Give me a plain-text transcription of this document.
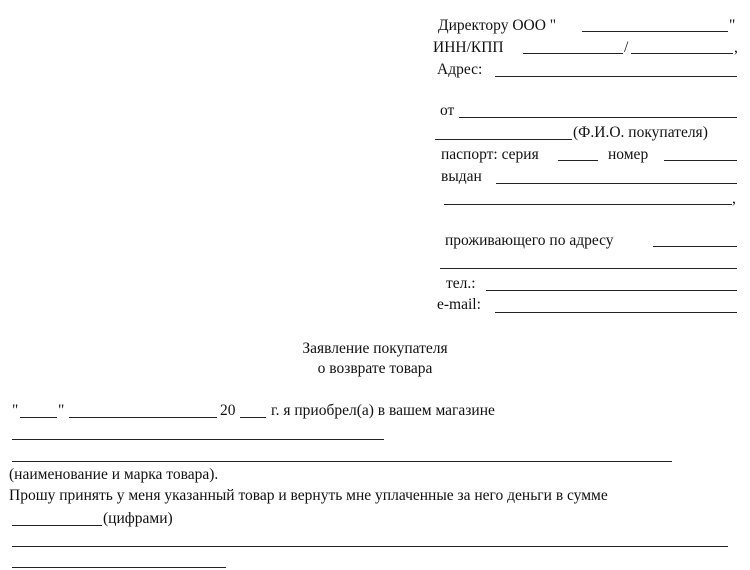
Директору ООО "	"
ИНН/КПП	/	,
Адрес:
от
(Ф.И.О. покупателя)
паспорт: серия	номер
выдан
,
проживающего по адресу
тел.:
e-mail:
Заявление покупателя
о возврате товара
"	"	20 г. я приобрел(а) в вашем магазине
(наименование и марка товара).
Прошу принять у меня указанный товар и вернуть мне уплаченные за него деньги в сумме
(цифрами)
